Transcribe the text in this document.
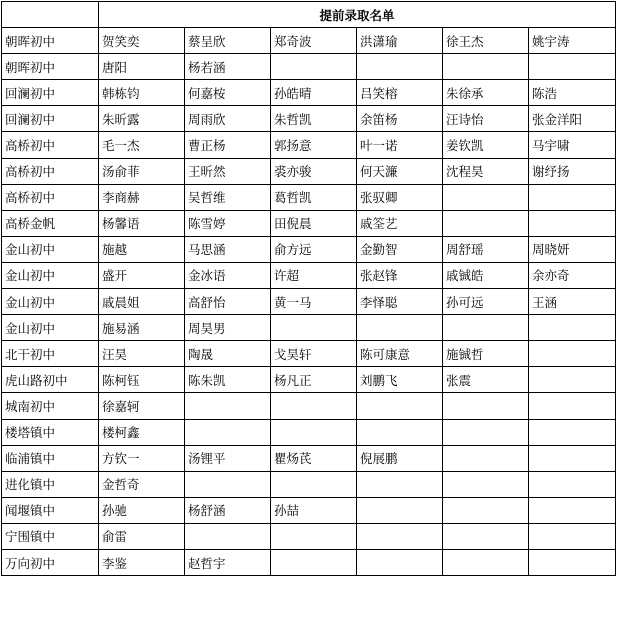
	提前录取名单					
朝晖初中	贺笑奕	蔡呈欣	郑奇波	洪潇瑜	徐王杰	姚宇涛
朝晖初中	唐阳	杨若涵				
回澜初中	韩栋钧	何嘉桉	孙皓晴	吕笑榕	朱徐承	陈浩
回澜初中	朱昕露	周雨欣	朱哲凯	余笛杨	汪诗怡	张金洋阳
高桥初中	毛一杰	曹正杨	郭扬意	叶一诺	姜钦凯	马宇啸
高桥初中	汤俞菲	王昕然	裘亦骏	何天濂	沈程昊	谢纾扬
高桥初中	李商赫	吴哲维	葛哲凯	张驭卿		
高桥金帆	杨馨语	陈雪婷	田倪晨	戚筌艺		
金山初中	施越	马思涵	俞方远	金勤智	周舒瑶	周晓妍
金山初中	盛开	金冰语	许超	张赵锋	戚铖皓	余亦奇
金山初中	戚晨姐	高舒怡	黄一马	李怿聪	孙可远	王涵
金山初中	施易涵	周昊男				
北干初中	汪昊	陶晟	戈昊轩	陈可康意	施铖哲	
虎山路初中	陈柯钰	陈朱凯	杨凡正	刘鹏飞	张震	
城南初中	徐嘉轲					
楼塔镇中	楼柯鑫					
临浦镇中	方钦一	汤锂平	瞿炀芪	倪展鹏		
进化镇中	金哲奇					
闻堰镇中	孙驰	杨舒涵	孙喆			
宁围镇中	俞雷					
万向初中	李鉴	赵哲宇				
